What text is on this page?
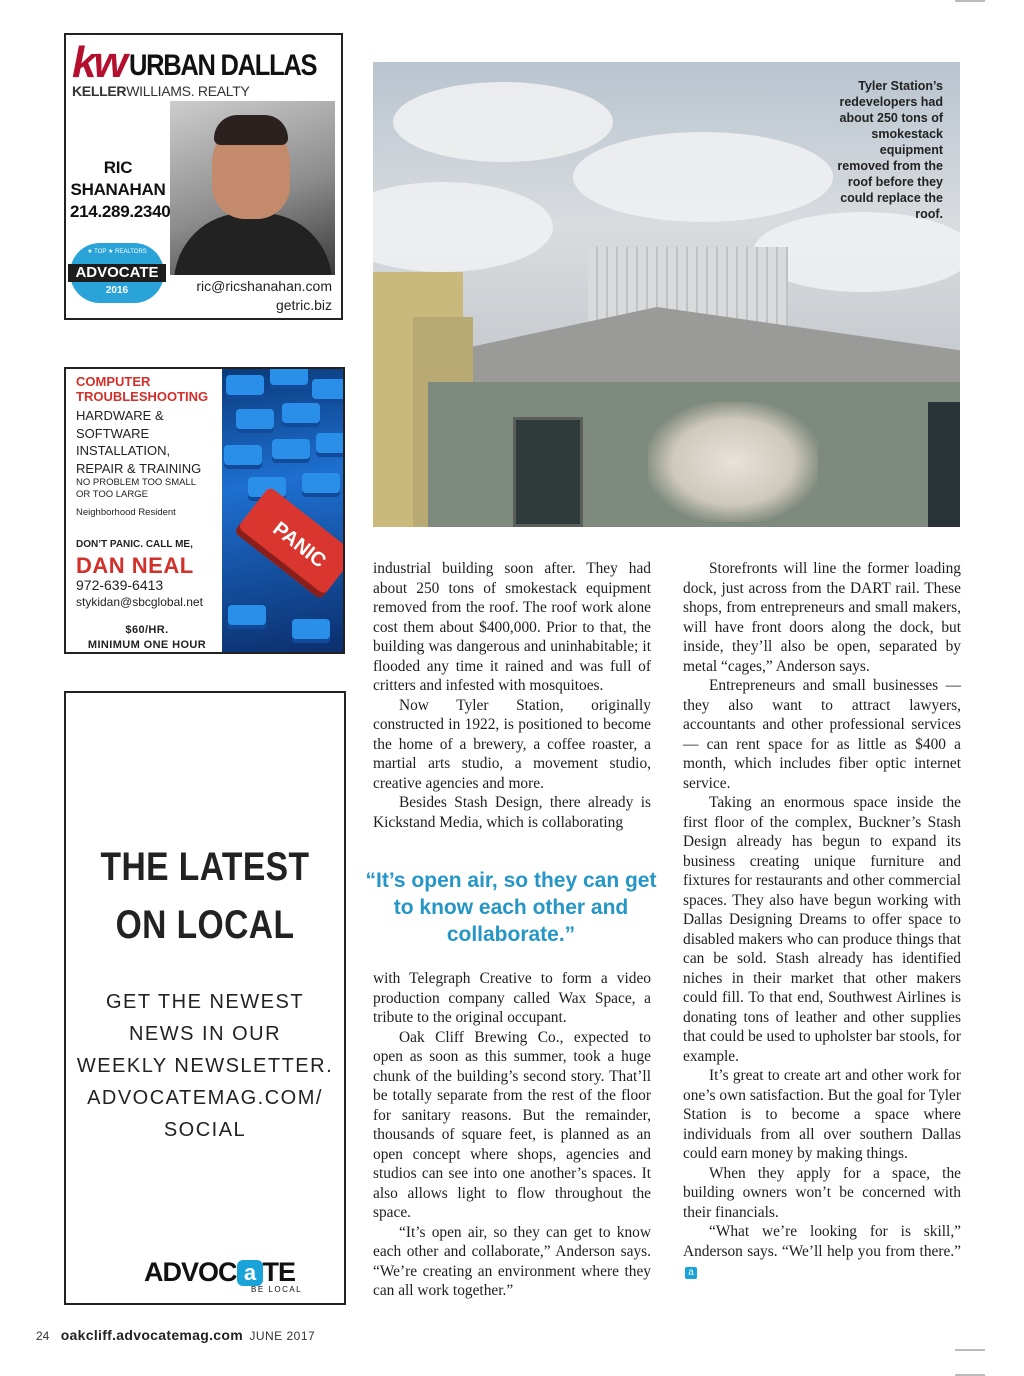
kw URBAN DALLAS
KELLERWILLIAMS. REALTY
RIC
SHANAHAN
214.289.2340
★ TOP ★ REALTORS
ADVOCATE
2016	ric@ricshanahan.com
getric.biz
PANIC
COMPUTER
TROUBLESHOOTING
HARDWARE &
SOFTWARE
INSTALLATION,
REPAIR & TRAINING
NO PROBLEM TOO SMALL
OR TOO LARGE
Neighborhood Resident
DON’T PANIC. CALL ME,
DAN NEAL
972-639-6413
stykidan@sbcglobal.net
$60/HR.
MINIMUM ONE HOUR
THE LATEST
ON LOCAL
GET THE NEWEST
NEWS IN OUR
WEEKLY NEWSLETTER.
ADVOCATEMAG.COM/
SOCIAL
ADVOC a TE
BE LOCAL
Tyler Station’s redevelopers had about 250 tons of smokestack equipment removed from the roof before they could replace the roof.

industrial building soon after. They had about 250 tons of smokestack equipment removed from the roof. The roof work alone cost them about $400,000. Prior to that, the building was dangerous and uninhabitable; it flooded any time it rained and was full of critters and infested with mosquitoes.

Now Tyler Station, originally constructed in 1922, is positioned to become the home of a brewery, a coffee roaster, a martial arts studio, a movement studio, creative agencies and more.

Besides Stash Design, there already is Kickstand Media, which is collaborating

“It’s open air, so they can get to know each other and collaborate.”

with Telegraph Creative to form a video production company called Wax Space, a tribute to the original occupant.

Oak Cliff Brewing Co., expected to open as soon as this summer, took a huge chunk of the building’s second story. That’ll be totally separate from the rest of the floor for sanitary reasons. But the remainder, thousands of square feet, is planned as an open concept where shops, agencies and studios can see into one another’s spaces. It also allows light to flow throughout the space.

“It’s open air, so they can get to know each other and collaborate,” Anderson says. “We’re creating an environment where they can all work together.”

Storefronts will line the former loading dock, just across from the DART rail. These shops, from entrepreneurs and small makers, will have front doors along the dock, but inside, they’ll also be open, separated by metal “cages,” Anderson says.

Entrepreneurs and small businesses — they also want to attract lawyers, accountants and other professional services — can rent space for as little as $400 a month, which includes fiber optic internet service.

Taking an enormous space inside the first floor of the complex, Buckner’s Stash Design already has begun to expand its business creating unique furniture and fixtures for restaurants and other commercial spaces. They also have begun working with Dallas Designing Dreams to offer space to disabled makers who can produce things that can be sold. Stash already has identified niches in their market that other makers could fill. To that end, Southwest Airlines is donating tons of leather and other supplies that could be used to upholster bar stools, for example.

It’s great to create art and other work for one’s own satisfaction. But the goal for Tyler Station is to become a space where individuals from all over southern Dallas could earn money by making things.

When they apply for a space, the building owners won’t be concerned with their financials.

“What we’re looking for is skill,” Anderson says. “We’ll help you from there.”a

24 oakcliff.advocatemag.com JUNE 2017
